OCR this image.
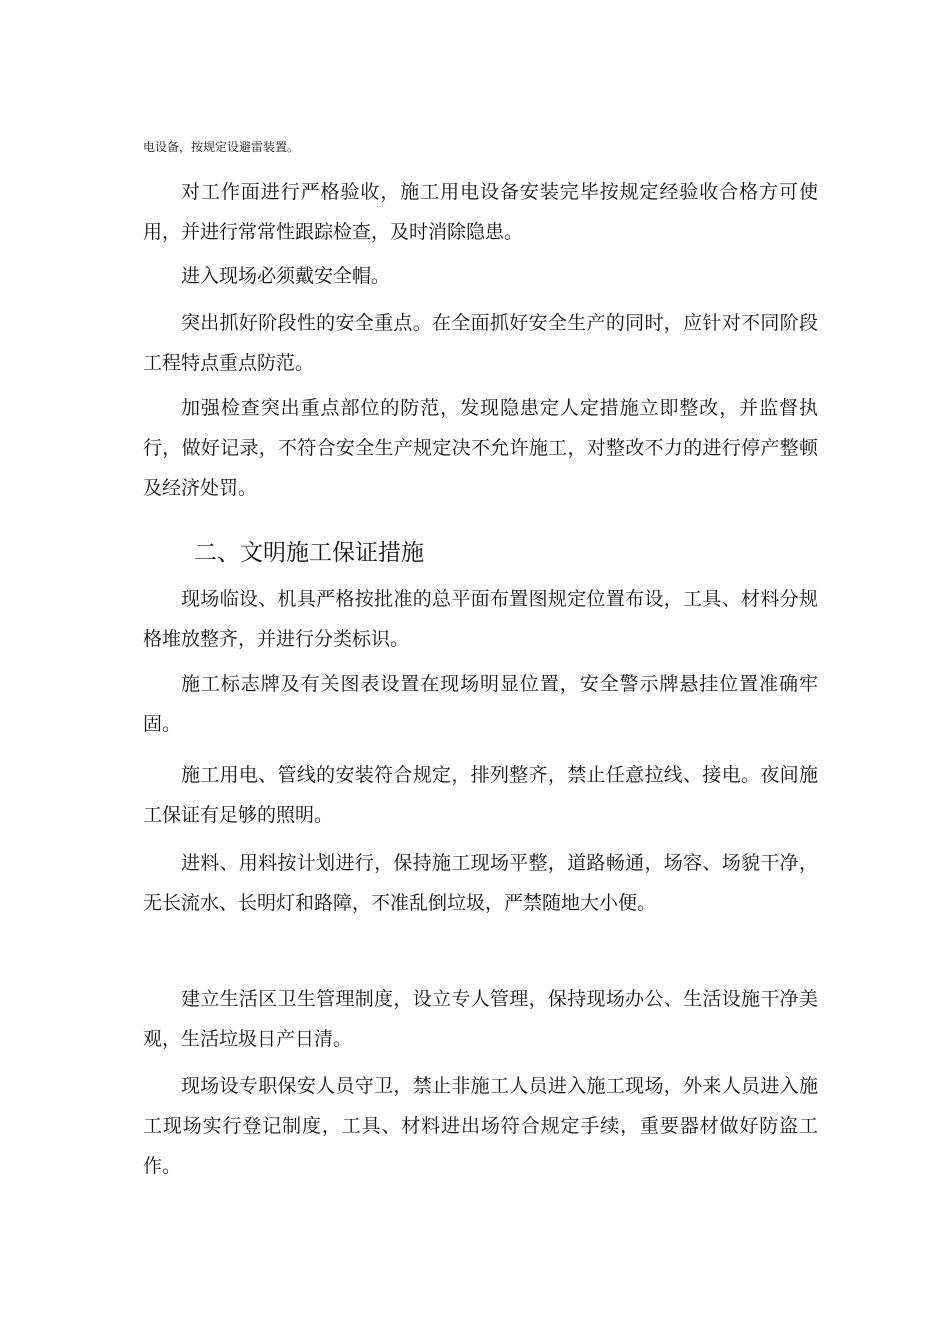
电设备，按规定设避雷装置。

对工作面进行严格验收，施工用电设备安装完毕按规定经验收合格方可使用，并进行常常性跟踪检查，及时消除隐患。

进入现场必须戴安全帽。

突出抓好阶段性的安全重点。在全面抓好安全生产的同时，应针对不同阶段工程特点重点防范。

加强检查突出重点部位的防范，发现隐患定人定措施立即整改，并监督执行，做好记录，不符合安全生产规定决不允许施工，对整改不力的进行停产整顿及经济处罚。

二、文明施工保证措施

现场临设、机具严格按批准的总平面布置图规定位置布设，工具、材料分规格堆放整齐，并进行分类标识。

施工标志牌及有关图表设置在现场明显位置，安全警示牌悬挂位置准确牢固。

施工用电、管线的安装符合规定，排列整齐，禁止任意拉线、接电。夜间施工保证有足够的照明。

进料、用料按计划进行，保持施工现场平整，道路畅通，场容、场貌干净，无长流水、长明灯和路障，不准乱倒垃圾，严禁随地大小便。

建立生活区卫生管理制度，设立专人管理，保持现场办公、生活设施干净美观，生活垃圾日产日清。

现场设专职保安人员守卫，禁止非施工人员进入施工现场，外来人员进入施工现场实行登记制度，工具、材料进出场符合规定手续，重要器材做好防盗工作。
